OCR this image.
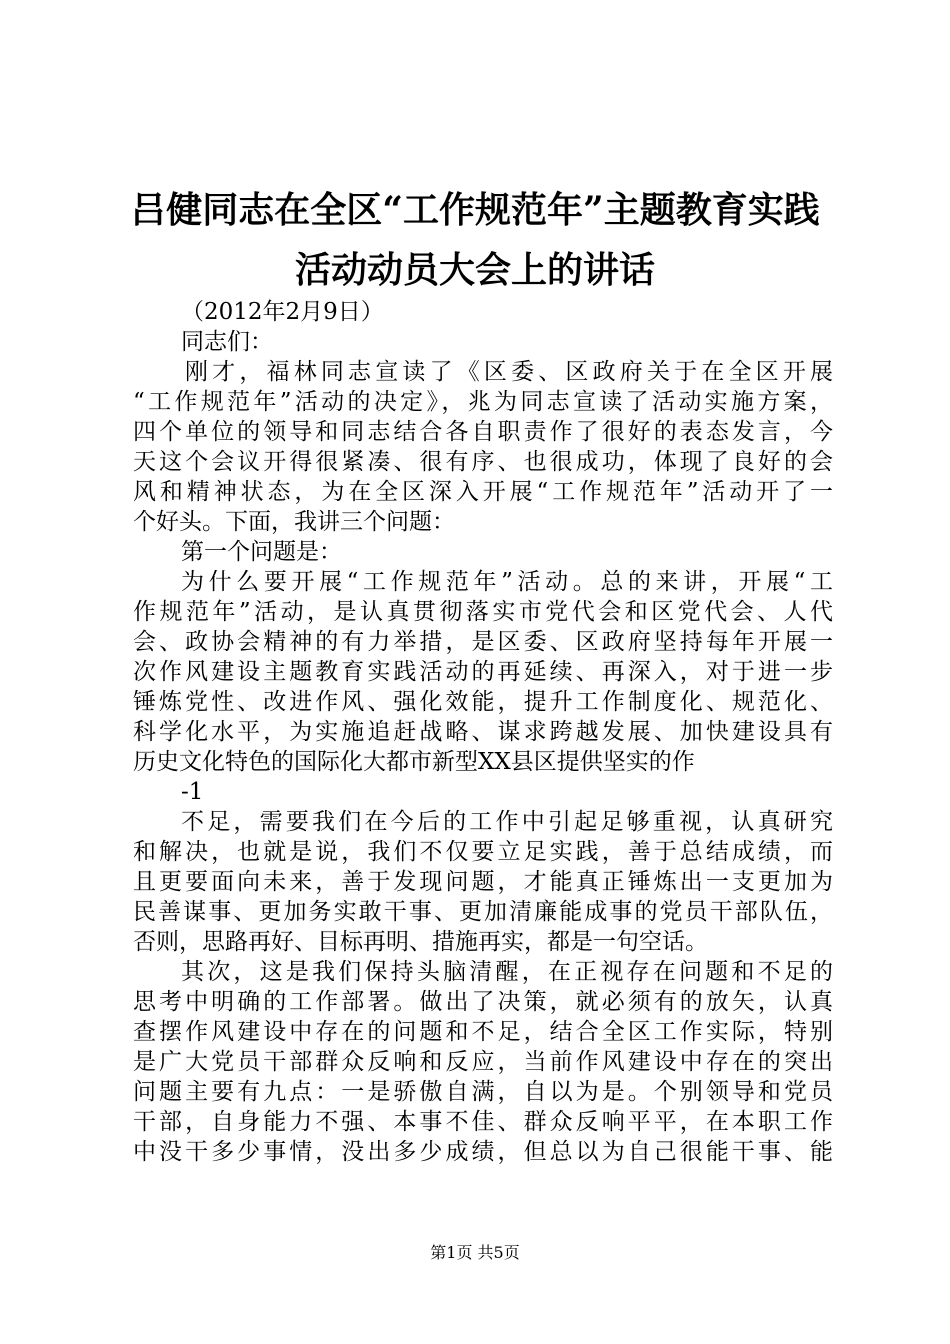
吕健同志在全区“工作规范年”主题教育实践
活动动员大会上的讲话
（2012年2月9日）
同志们：
刚才，福林同志宣读了《区委、区政府关于在全区开展
“工作规范年”活动的决定》，兆为同志宣读了活动实施方案，
四个单位的领导和同志结合各自职责作了很好的表态发言，今
天这个会议开得很紧凑、很有序、也很成功，体现了良好的会
风和精神状态，为在全区深入开展“工作规范年”活动开了一
个好头。下面，我讲三个问题：
第一个问题是：
为什么要开展“工作规范年”活动。总的来讲，开展“工
作规范年”活动，是认真贯彻落实市党代会和区党代会、人代
会、政协会精神的有力举措，是区委、区政府坚持每年开展一
次作风建设主题教育实践活动的再延续、再深入，对于进一步
锤炼党性、改进作风、强化效能，提升工作制度化、规范化、
科学化水平，为实施追赶战略、谋求跨越发展、加快建设具有
历史文化特色的国际化大都市新型XX县区提供坚实的作
-1
不足，需要我们在今后的工作中引起足够重视，认真研究
和解决，也就是说，我们不仅要立足实践，善于总结成绩，而
且更要面向未来，善于发现问题，才能真正锤炼出一支更加为
民善谋事、更加务实敢干事、更加清廉能成事的党员干部队伍，
否则，思路再好、目标再明、措施再实，都是一句空话。
其次，这是我们保持头脑清醒，在正视存在问题和不足的
思考中明确的工作部署。做出了决策，就必须有的放矢，认真
查摆作风建设中存在的问题和不足，结合全区工作实际，特别
是广大党员干部群众反响和反应，当前作风建设中存在的突出
问题主要有九点：一是骄傲自满，自以为是。个别领导和党员
干部，自身能力不强、本事不佳、群众反响平平，在本职工作
中没干多少事情，没出多少成绩，但总以为自己很能干事、能
第1页 共5页
